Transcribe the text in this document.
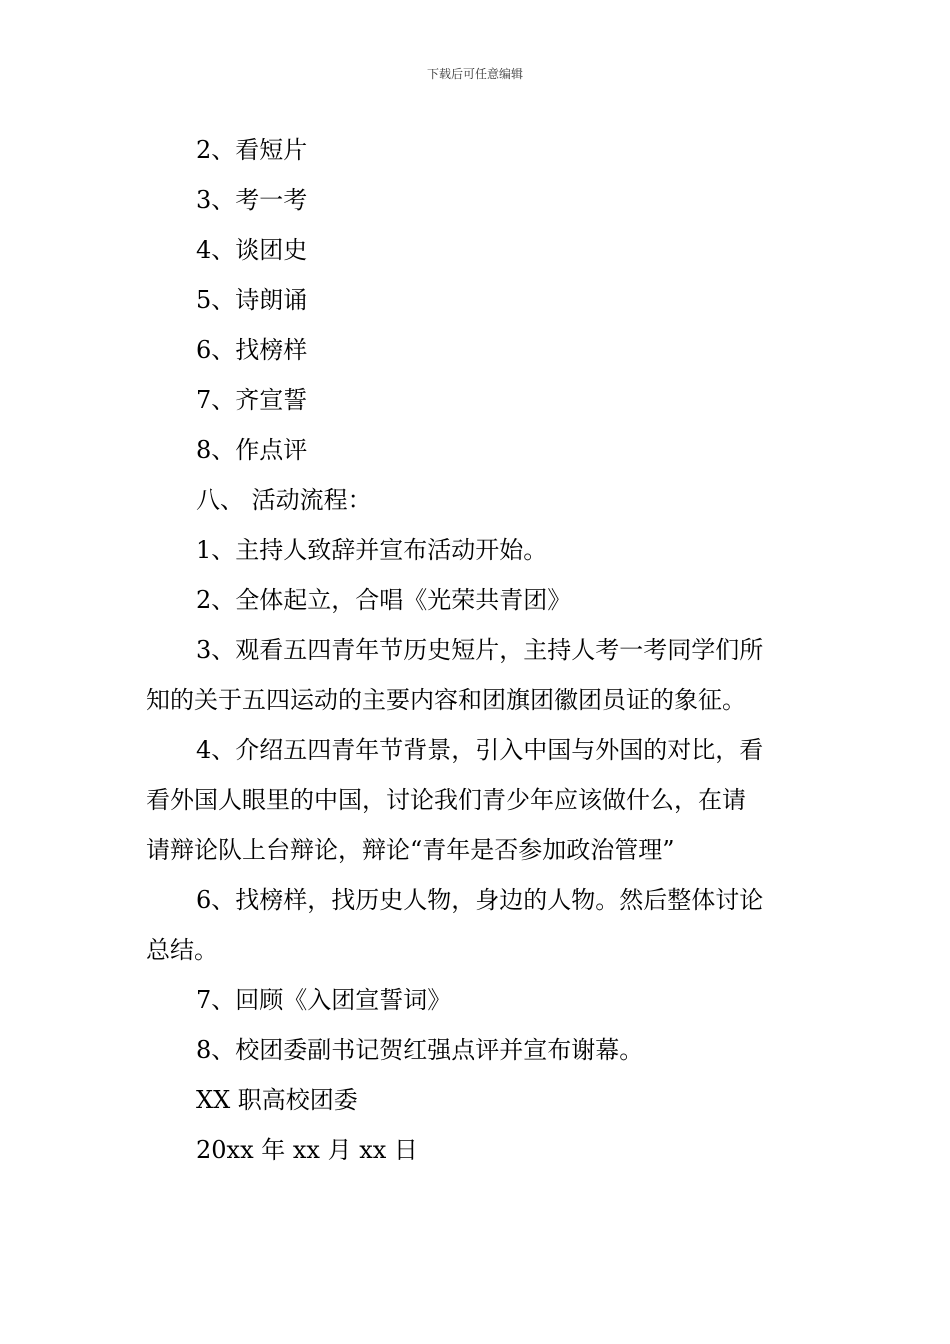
下载后可任意编辑
2、看短片
3、考一考
4、谈团史
5、诗朗诵
6、找榜样
7、齐宣誓
8、作点评
八、 活动流程：
1、主持人致辞并宣布活动开始。
2、全体起立，合唱《光荣共青团》
3、观看五四青年节历史短片，主持人考一考同学们所
知的关于五四运动的主要内容和团旗团徽团员证的象征。
4、介绍五四青年节背景，引入中国与外国的对比，看
看外国人眼里的中国，讨论我们青少年应该做什么，在请
请辩论队上台辩论，辩论“青年是否参加政治管理”
6、找榜样，找历史人物，身边的人物。然后整体讨论
总结。
7、回顾《入团宣誓词》
8、校团委副书记贺红强点评并宣布谢幕。
XX 职高校团委
20xx 年 xx 月 xx 日
